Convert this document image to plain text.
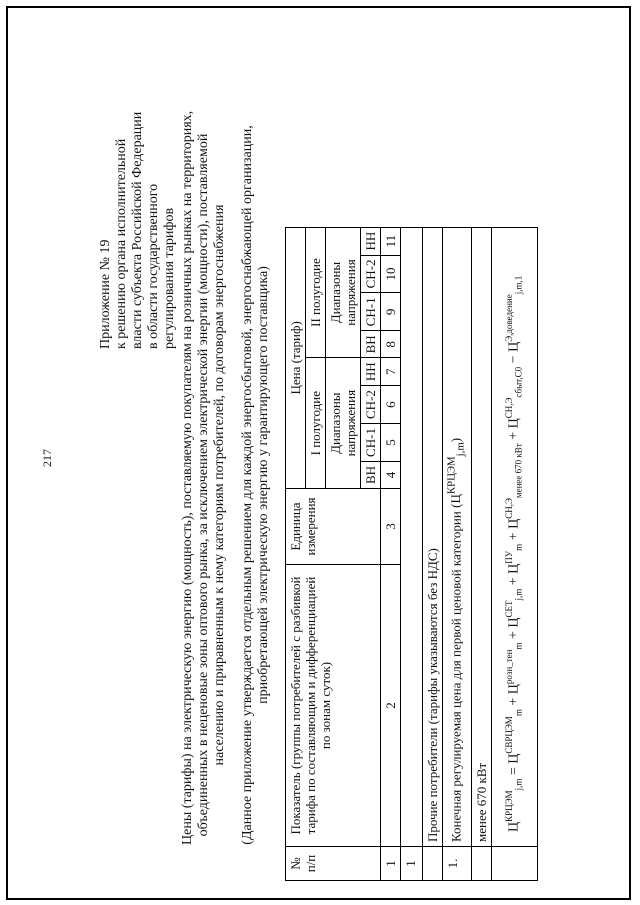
217
Приложение № 19 к решению органа исполнительной власти субъекта Российской Федерации в области государственного регулирования тарифов Цены (тарифы) на электрическую энергию (мощность), поставляемую покупателям на розничных рынках на территориях, объединенных в неценовые зоны оптового рынка, за исключением электрической энергии (мощности), поставляемой населению и приравненным к нему категориям потребителей, по договорам энергоснабжения (Данное приложение утверждается отдельным решением для каждой энергосбытовой, энергоснабжающей организации, приобретающей электрическую энергию у гарантирующего поставщика)
№ п/п	Показатель (группы потребителей с разбивкой тарифа по составляющим и дифференциацией по зонам суток)	Единица измерения	Цена (тариф)							
			I полугодие				II полугодие			
			Диапазоны напряжения				Диапазоны напряжения			
			ВН	СН-1	СН-2	НН	ВН	СН-1	СН-2	НН
1	2	3	4	5	6	7	8	9	10	11
1										
	Прочие потребители (тарифы указываются без НДС)									
1.	Конечная регулируемая цена для первой ценовой категории $(Ц^{КРЦЭМ}_{j,m})$									
	менее 670 кВт									
	$Ц^{КРЦЭМ}_{j,m} = Ц^{СВРЦЭМ}_m + Ц^{розн\_тен}_m + Ц^{СЕТ}_{j,m} + Ц^{ПУ}_m + Ц^{СН,Э}_{менее 670 кВт} + Ц^{СН,Э}_{сбыт,С0} - Ц^{Э,доведение}_{j,m,1}$
